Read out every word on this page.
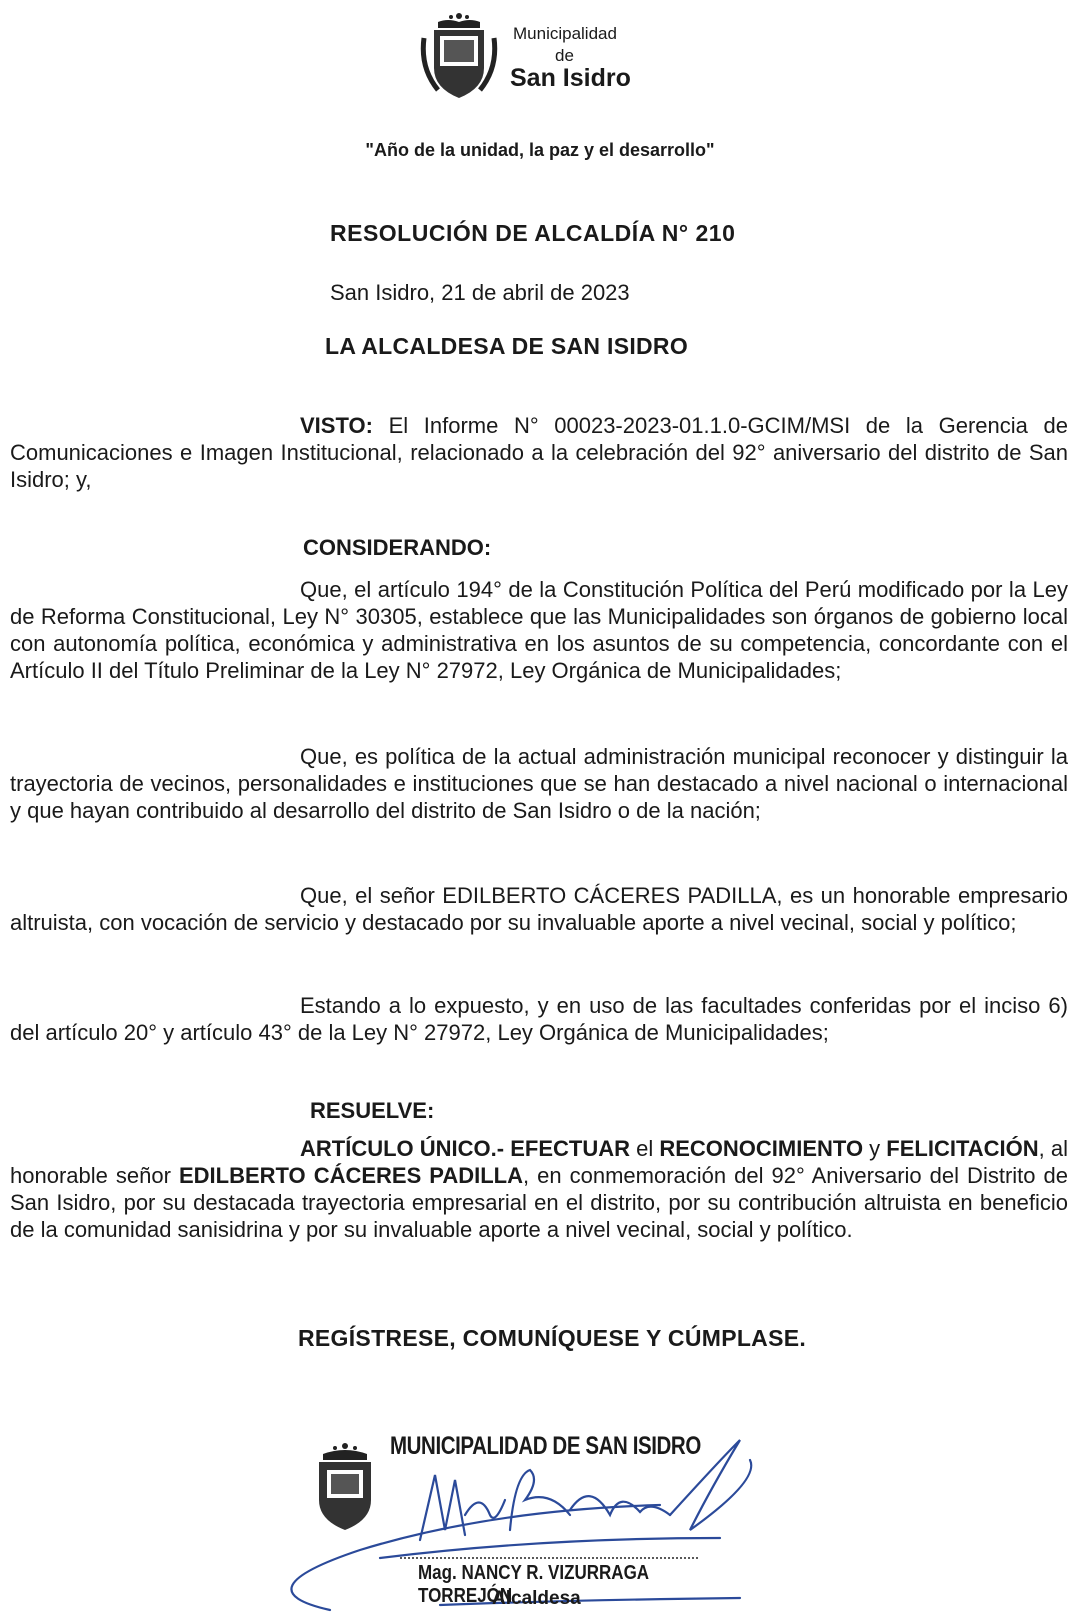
Municipalidad
de
San Isidro
"Año de la unidad, la paz y el desarrollo"
RESOLUCIÓN DE ALCALDÍA N° 210
San Isidro, 21 de abril de 2023
LA ALCALDESA DE SAN ISIDRO

VISTO: El Informe N° 00023-2023-01.1.0-GCIM/MSI de la Gerencia de Comunicaciones e Imagen Institucional, relacionado a la celebración del 92° aniversario del distrito de San Isidro; y,

CONSIDERANDO:

Que, el artículo 194° de la Constitución Política del Perú modificado por la Ley de Reforma Constitucional, Ley N° 30305, establece que las Municipalidades son órganos de gobierno local con autonomía política, económica y administrativa en los asuntos de su competencia, concordante con el Artículo II del Título Preliminar de la Ley N° 27972, Ley Orgánica de Municipalidades;

Que, es política de la actual administración municipal reconocer y distinguir la trayectoria de vecinos, personalidades e instituciones que se han destacado a nivel nacional o internacional y que hayan contribuido al desarrollo del distrito de San Isidro o de la nación;

Que, el señor EDILBERTO CÁCERES PADILLA, es un honorable empresario altruista, con vocación de servicio y destacado por su invaluable aporte a nivel vecinal, social y político;

Estando a lo expuesto, y en uso de las facultades conferidas por el inciso 6) del artículo 20° y artículo 43° de la Ley N° 27972, Ley Orgánica de Municipalidades;

RESUELVE:

ARTÍCULO ÚNICO.- EFECTUAR el RECONOCIMIENTO y FELICITACIÓN, al honorable señor EDILBERTO CÁCERES PADILLA, en conmemoración del 92° Aniversario del Distrito de San Isidro, por su destacada trayectoria empresarial en el distrito, por su contribución altruista en beneficio de la comunidad sanisidrina y por su invaluable aporte a nivel vecinal, social y político.

REGÍSTRESE, COMUNÍQUESE Y CÚMPLASE.
MUNICIPALIDAD DE SAN ISIDRO
Mag. NANCY R. VIZURRAGA TORREJÓN
Alcaldesa
